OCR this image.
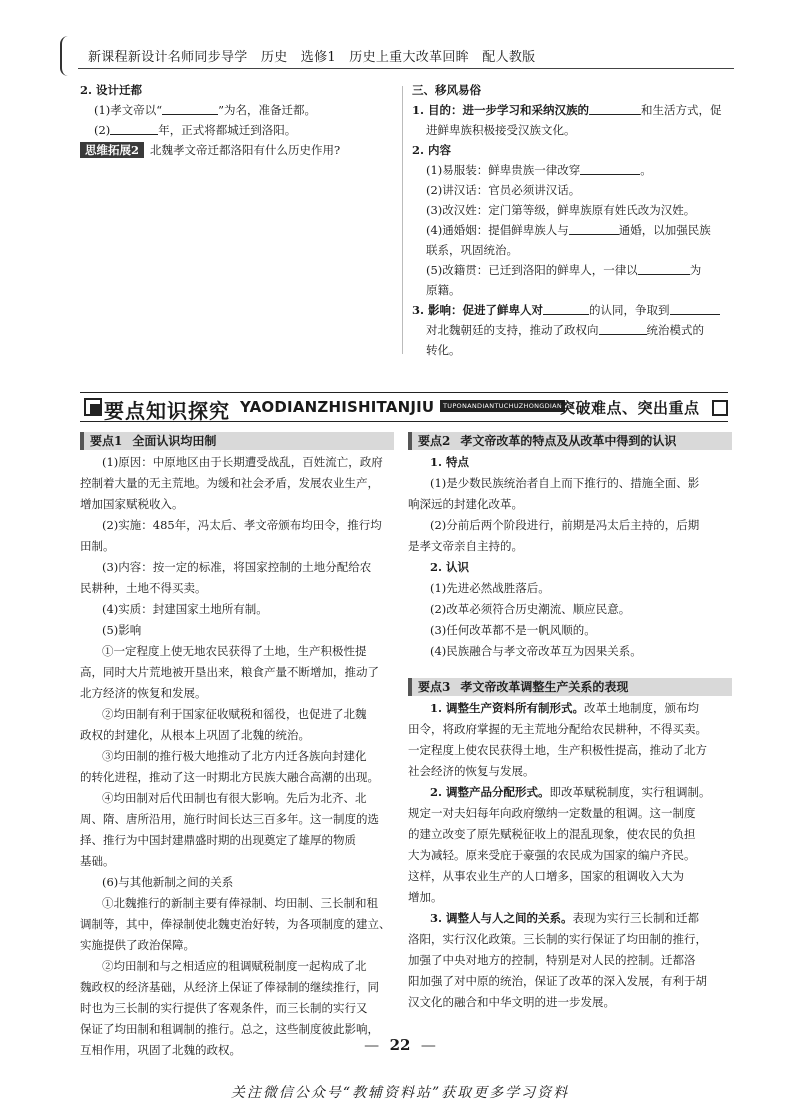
新课程新设计名师同步导学　历史　选修1　历史上重大改革回眸　配人教版

2. 设计迁都

(1)孝文帝以“	”为名，准备迁都。

(2)	年，正式将都城迁到洛阳。

思维拓展2 北魏孝文帝迁都洛阳有什么历史作用?

三、移风易俗

1. 目的：进一步学习和采纳汉族的	和生活方式，促

进鲜卑族积极接受汉族文化。

2. 内容

(1)易服装：鲜卑贵族一律改穿	。

(2)讲汉话：官员必须讲汉话。

(3)改汉姓：定门第等级，鲜卑族原有姓氏改为汉姓。

(4)通婚姻：提倡鲜卑族人与	通婚，以加强民族

联系，巩固统治。

(5)改籍贯：已迁到洛阳的鲜卑人，一律以	为

原籍。

3. 影响：促进了鲜卑人对	的认同，争取到

对北魏朝廷的支持，推动了政权向	统治模式的

转化。

要点知识探究 YAODIANZHISHITANJIU	TUPONANDIANTUCHUZHONGDIAN
突破难点、突出重点
要点1 全面认识均田制

(1)原因：中原地区由于长期遭受战乱，百姓流亡，政府

控制着大量的无主荒地。为缓和社会矛盾，发展农业生产，

增加国家赋税收入。

(2)实施：485年，冯太后、孝文帝颁布均田令，推行均

田制。

(3)内容：按一定的标准，将国家控制的土地分配给农

民耕种，土地不得买卖。

(4)实质：封建国家土地所有制。

(5)影响

①一定程度上使无地农民获得了土地，生产积极性提

高，同时大片荒地被开垦出来，粮食产量不断增加，推动了

北方经济的恢复和发展。

②均田制有利于国家征收赋税和徭役，也促进了北魏

政权的封建化，从根本上巩固了北魏的统治。

③均田制的推行极大地推动了北方内迁各族向封建化

的转化进程，推动了这一时期北方民族大融合高潮的出现。

④均田制对后代田制也有很大影响。先后为北齐、北

周、隋、唐所沿用，施行时间长达三百多年。这一制度的选

择、推行为中国封建鼎盛时期的出现奠定了雄厚的物质

基础。

(6)与其他新制之间的关系

①北魏推行的新制主要有俸禄制、均田制、三长制和租

调制等，其中，俸禄制使北魏吏治好转，为各项制度的建立、

实施提供了政治保障。

②均田制和与之相适应的租调赋税制度一起构成了北

魏政权的经济基础，从经济上保证了俸禄制的继续推行，同

时也为三长制的实行提供了客观条件，而三长制的实行又

保证了均田制和租调制的推行。总之，这些制度彼此影响，

互相作用，巩固了北魏的政权。

要点2 孝文帝改革的特点及从改革中得到的认识

1. 特点

(1)是少数民族统治者自上而下推行的、措施全面、影

响深远的封建化改革。

(2)分前后两个阶段进行，前期是冯太后主持的，后期

是孝文帝亲自主持的。

2. 认识

(1)先进必然战胜落后。

(2)改革必须符合历史潮流、顺应民意。

(3)任何改革都不是一帆风顺的。

(4)民族融合与孝文帝改革互为因果关系。

要点3 孝文帝改革调整生产关系的表现

1. 调整生产资料所有制形式。改革土地制度，颁布均

田令，将政府掌握的无主荒地分配给农民耕种，不得买卖。

一定程度上使农民获得土地，生产积极性提高，推动了北方

社会经济的恢复与发展。

2. 调整产品分配形式。即改革赋税制度，实行租调制。

规定一对夫妇每年向政府缴纳一定数量的租调。这一制度

的建立改变了原先赋税征收上的混乱现象，使农民的负担

大为减轻。原来受庇于豪强的农民成为国家的编户齐民。

这样，从事农业生产的人口增多，国家的租调收入大为

增加。

3. 调整人与人之间的关系。表现为实行三长制和迁都

洛阳，实行汉化政策。三长制的实行保证了均田制的推行，

加强了中央对地方的控制，特别是对人民的控制。迁都洛

阳加强了对中原的统治，保证了改革的深入发展，有利于胡

汉文化的融合和中华文明的进一步发展。

— 22 —
关注微信公众号“教辅资料站”获取更多学习资料
